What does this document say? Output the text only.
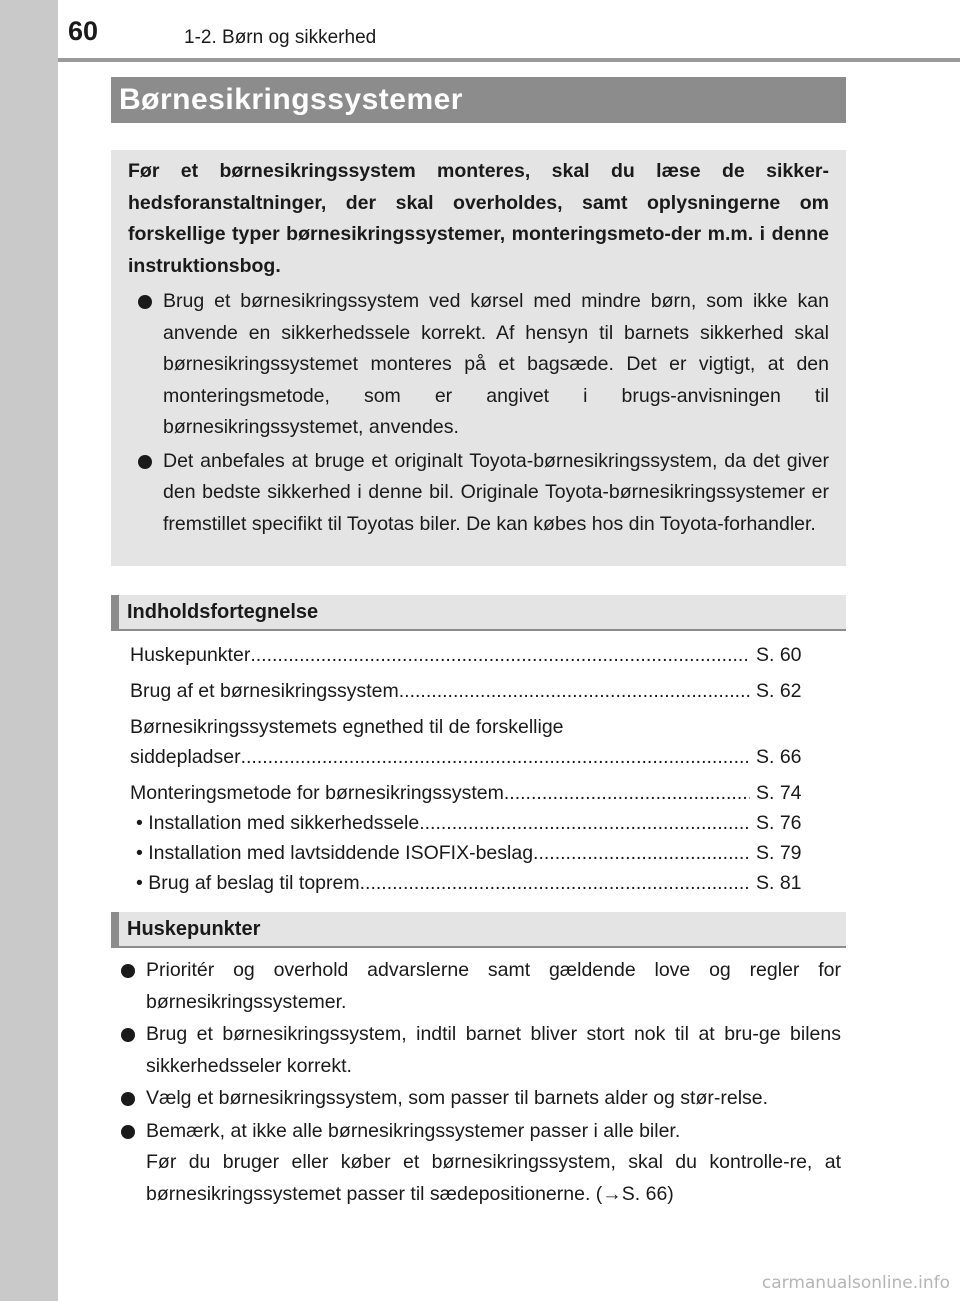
60	1-2. Børn og sikkerhed
Børnesikringssystemer
Før et børnesikringssystem monteres, skal du læse de sikker-hedsforanstaltninger, der skal overholdes, samt oplysningerne om forskellige typer børnesikringssystemer, monteringsmeto-der m.m. i denne instruktionsbog.
Brug et børnesikringssystem ved kørsel med mindre børn, som ikke kan anvende en sikkerhedssele korrekt. Af hensyn til barnets sikkerhed skal børnesikringssystemet monteres på et bagsæde. Det er vigtigt, at den monteringsmetode, som er angivet i brugs-anvisningen til børnesikringssystemet, anvendes.
Det anbefales at bruge et originalt Toyota-børnesikringssystem, da det giver den bedste sikkerhed i denne bil. Originale Toyota-børnesikringssystemer er fremstillet specifikt til Toyotas biler. De kan købes hos din Toyota-forhandler.
Indholdsfortegnelse
Huskepunkter .....	S. 60
Brug af et børnesikringssystem .....	S. 62
Børnesikringssystemets egnethed til de forskellige
siddepladser .....	S. 66
Monteringsmetode for børnesikringssystem .....	S. 74
• Installation med sikkerhedssele .....	S. 76
• Installation med lavtsiddende ISOFIX-beslag .....	S. 79
• Brug af beslag til toprem .....	S. 81
Huskepunkter
Prioritér og overhold advarslerne samt gældende love og regler for børnesikringssystemer.
Brug et børnesikringssystem, indtil barnet bliver stort nok til at bru-ge bilens sikkerhedsseler korrekt.
Vælg et børnesikringssystem, som passer til barnets alder og stør-relse.
Bemærk, at ikke alle børnesikringssystemer passer i alle biler.
Før du bruger eller køber et børnesikringssystem, skal du kontrolle-re, at børnesikringssystemet passer til sædepositionerne. (→S. 66)
carmanualsonline.info
